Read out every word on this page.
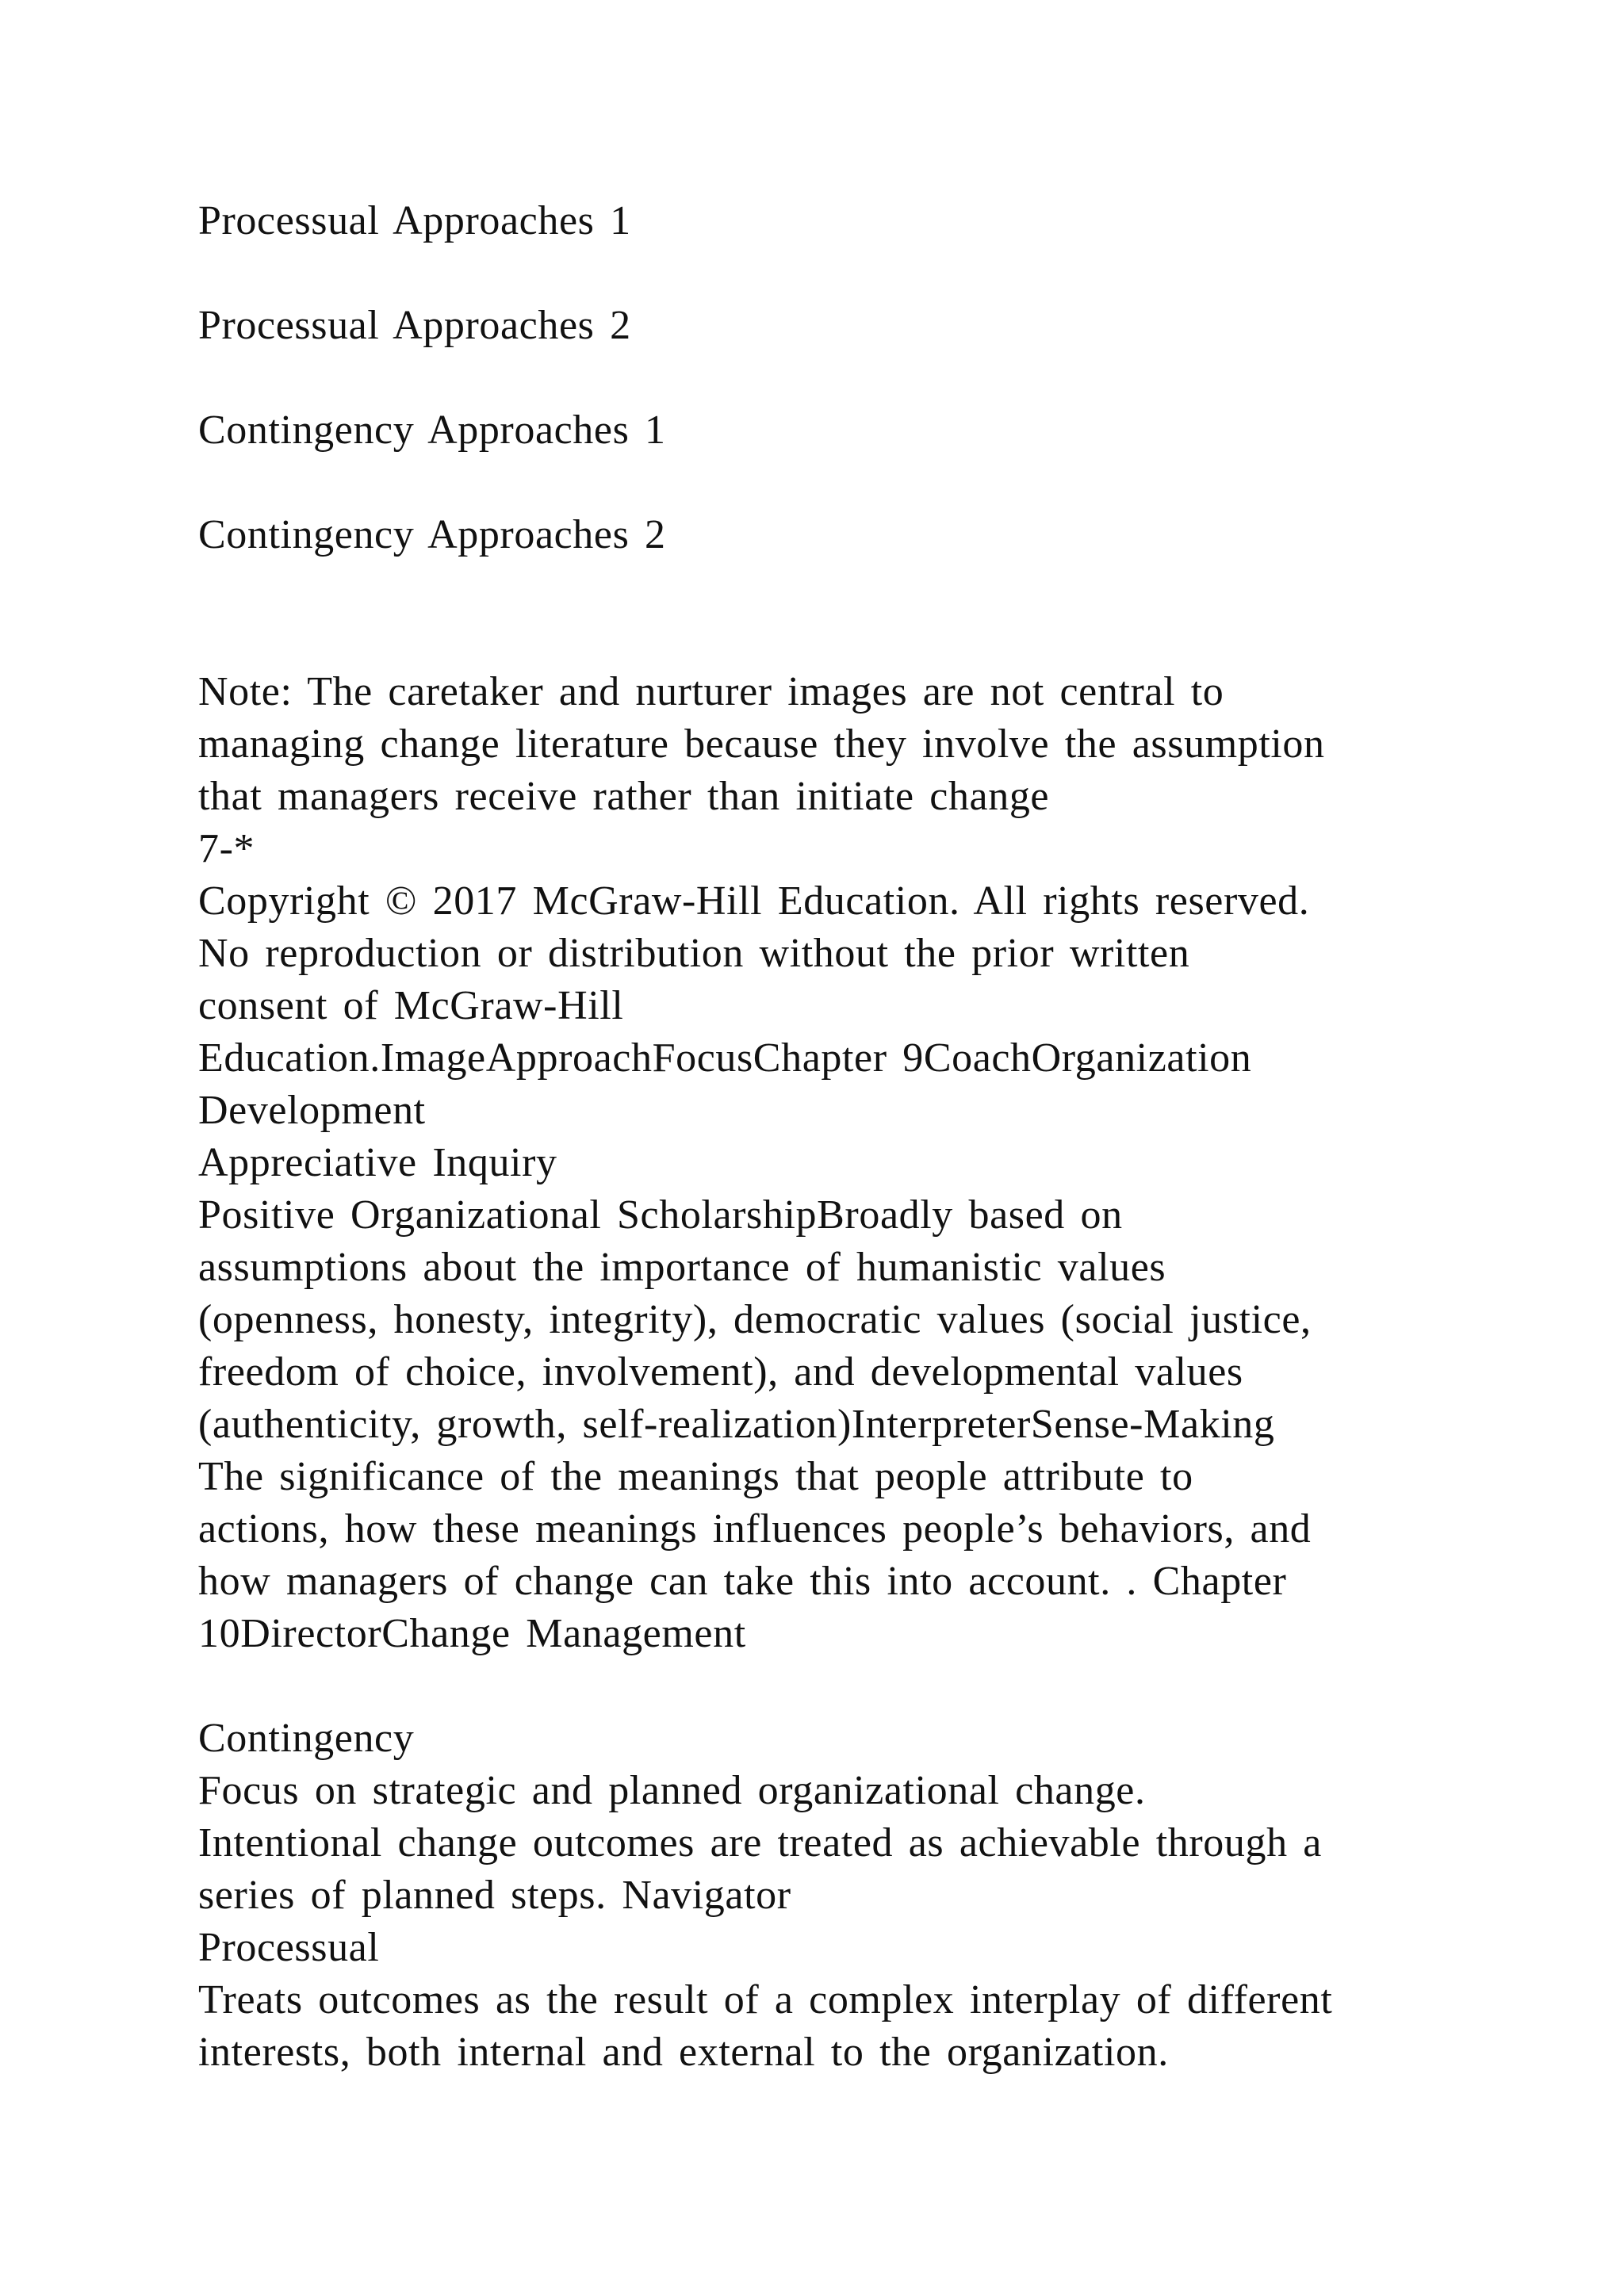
Processual Approaches 1
Processual Approaches 2
Contingency Approaches 1
Contingency Approaches 2
Note: The caretaker and nurturer images are not central to
managing change literature because they involve the assumption
that managers receive rather than initiate change
7-*
Copyright © 2017 McGraw-Hill Education. All rights reserved.
No reproduction or distribution without the prior written
consent of McGraw-Hill
Education.ImageApproachFocusChapter 9CoachOrganization
Development
Appreciative Inquiry
Positive Organizational ScholarshipBroadly based on
assumptions about the importance of humanistic values
(openness, honesty, integrity), democratic values (social justice,
freedom of choice, involvement), and developmental values
(authenticity, growth, self-realization)InterpreterSense-Making
The significance of the meanings that people attribute to
actions, how these meanings influences people’s behaviors, and
how managers of change can take this into account. . Chapter
10DirectorChange Management
Contingency
Focus on strategic and planned organizational change.
Intentional change outcomes are treated as achievable through a
series of planned steps. Navigator
Processual
Treats outcomes as the result of a complex interplay of different
interests, both internal and external to the organization.
